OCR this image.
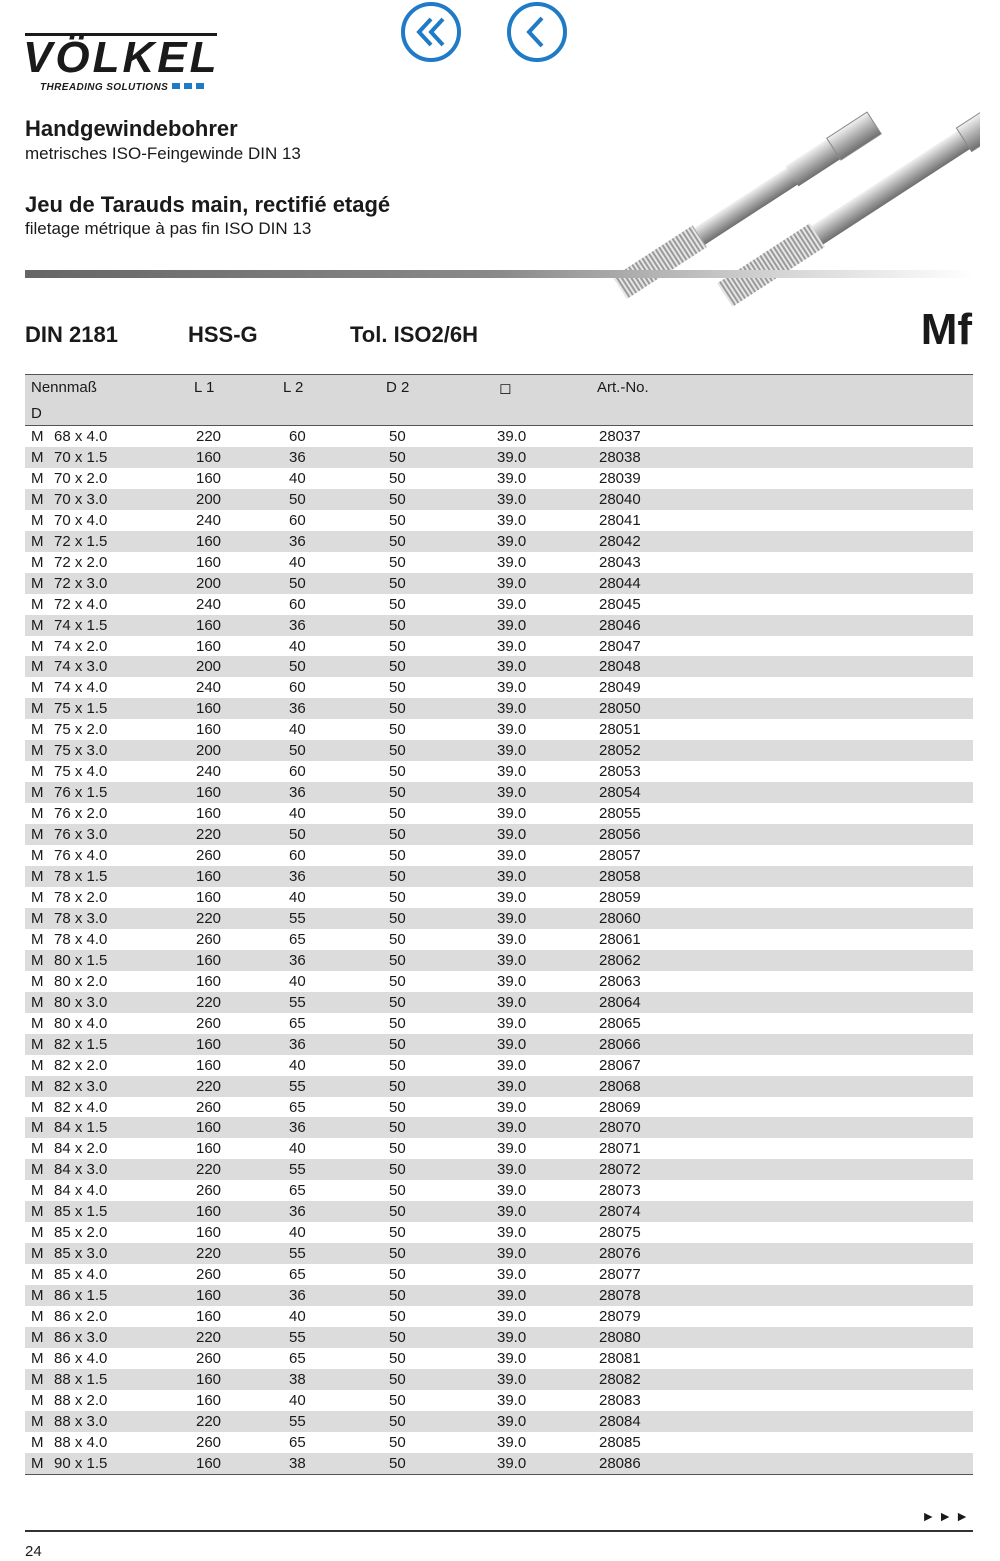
VÖLKEL
THREADING SOLUTIONS
Handgewindebohrer
metrisches ISO-Feingewinde DIN 13
Jeu de Tarauds main, rectifié etagé
filetage métrique à pas fin ISO DIN 13
DIN 2181	HSS-G	Tol. ISO2/6H	Mf
Nennmaß
D
L 1	L 2	D 2	◻	Art.-No.
M 68 x 4.0	220	60	50	39.0	28037
M 70 x 1.5	160	36	50	39.0	28038
M 70 x 2.0	160	40	50	39.0	28039
M 70 x 3.0	200	50	50	39.0	28040
M 70 x 4.0	240	60	50	39.0	28041
M 72 x 1.5	160	36	50	39.0	28042
M 72 x 2.0	160	40	50	39.0	28043
M 72 x 3.0	200	50	50	39.0	28044
M 72 x 4.0	240	60	50	39.0	28045
M 74 x 1.5	160	36	50	39.0	28046
M 74 x 2.0	160	40	50	39.0	28047
M 74 x 3.0	200	50	50	39.0	28048
M 74 x 4.0	240	60	50	39.0	28049
M 75 x 1.5	160	36	50	39.0	28050
M 75 x 2.0	160	40	50	39.0	28051
M 75 x 3.0	200	50	50	39.0	28052
M 75 x 4.0	240	60	50	39.0	28053
M 76 x 1.5	160	36	50	39.0	28054
M 76 x 2.0	160	40	50	39.0	28055
M 76 x 3.0	220	50	50	39.0	28056
M 76 x 4.0	260	60	50	39.0	28057
M 78 x 1.5	160	36	50	39.0	28058
M 78 x 2.0	160	40	50	39.0	28059
M 78 x 3.0	220	55	50	39.0	28060
M 78 x 4.0	260	65	50	39.0	28061
M 80 x 1.5	160	36	50	39.0	28062
M 80 x 2.0	160	40	50	39.0	28063
M 80 x 3.0	220	55	50	39.0	28064
M 80 x 4.0	260	65	50	39.0	28065
M 82 x 1.5	160	36	50	39.0	28066
M 82 x 2.0	160	40	50	39.0	28067
M 82 x 3.0	220	55	50	39.0	28068
M 82 x 4.0	260	65	50	39.0	28069
M 84 x 1.5	160	36	50	39.0	28070
M 84 x 2.0	160	40	50	39.0	28071
M 84 x 3.0	220	55	50	39.0	28072
M 84 x 4.0	260	65	50	39.0	28073
M 85 x 1.5	160	36	50	39.0	28074
M 85 x 2.0	160	40	50	39.0	28075
M 85 x 3.0	220	55	50	39.0	28076
M 85 x 4.0	260	65	50	39.0	28077
M 86 x 1.5	160	36	50	39.0	28078
M 86 x 2.0	160	40	50	39.0	28079
M 86 x 3.0	220	55	50	39.0	28080
M 86 x 4.0	260	65	50	39.0	28081
M 88 x 1.5	160	38	50	39.0	28082
M 88 x 2.0	160	40	50	39.0	28083
M 88 x 3.0	220	55	50	39.0	28084
M 88 x 4.0	260	65	50	39.0	28085
M 90 x 1.5	160	38	50	39.0	28086
►►►
24
